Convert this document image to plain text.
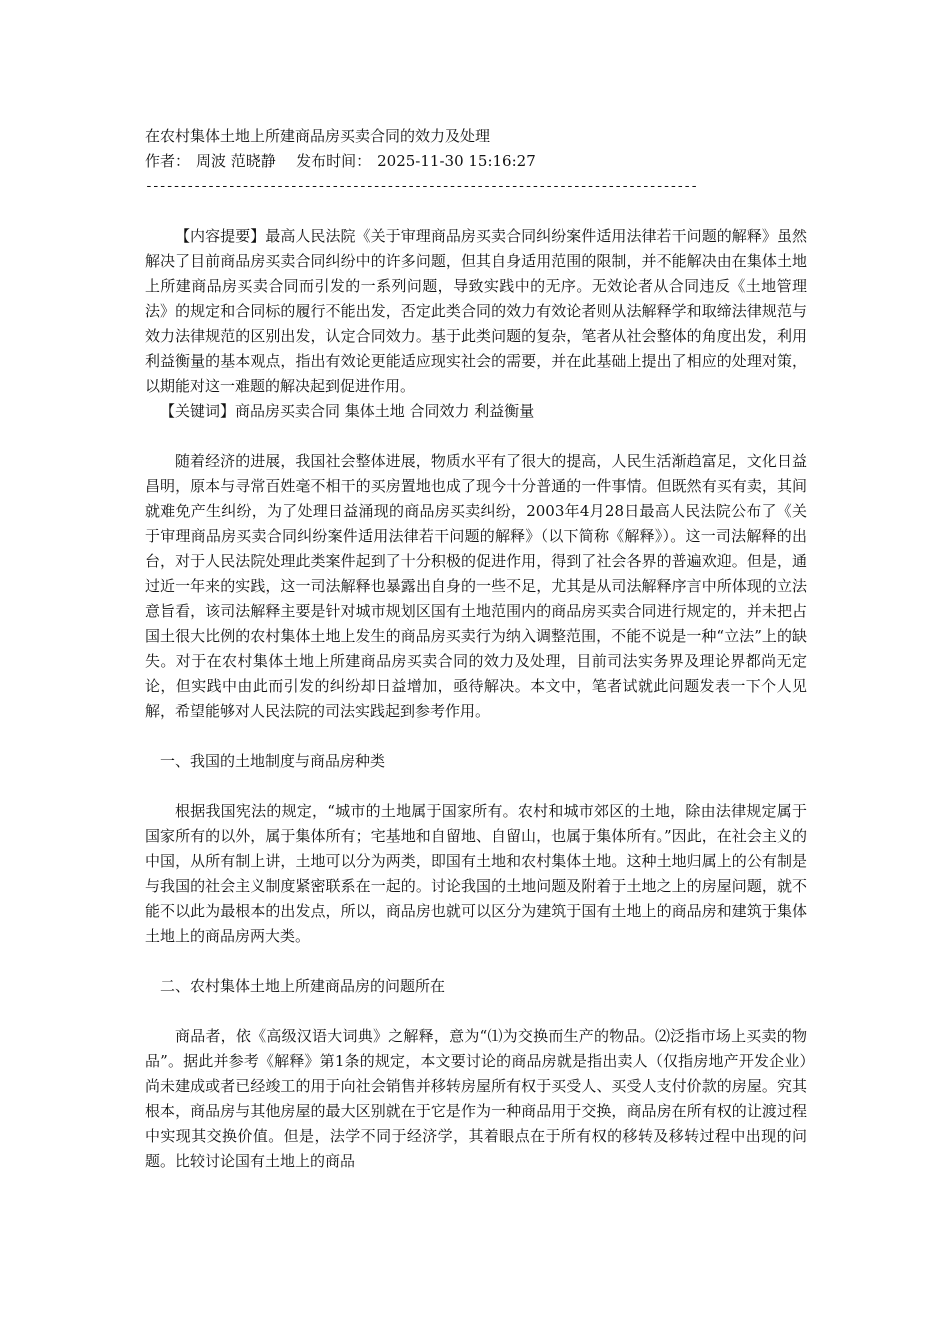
在农村集体土地上所建商品房买卖合同的效力及处理
作者： 周波 范晓静 发布时间： 2025-11-30 15:16:27
--------------------------------------------------------------------------------

【内容提要】最高人民法院《关于审理商品房买卖合同纠纷案件适用法律若干问题的解释》虽然解决了目前商品房买卖合同纠纷中的许多问题，但其自身适用范围的限制，并不能解决由在集体土地上所建商品房买卖合同而引发的一系列问题，导致实践中的无序。无效论者从合同违反《土地管理法》的规定和合同标的履行不能出发，否定此类合同的效力有效论者则从法解释学和取缔法律规范与效力法律规范的区别出发，认定合同效力。基于此类问题的复杂，笔者从社会整体的角度出发，利用利益衡量的基本观点，指出有效论更能适应现实社会的需要，并在此基础上提出了相应的处理对策，以期能对这一难题的解决起到促进作用。

【关键词】商品房买卖合同 集体土地 合同效力 利益衡量

随着经济的进展，我国社会整体进展，物质水平有了很大的提高，人民生活渐趋富足，文化日益昌明，原本与寻常百姓毫不相干的买房置地也成了现今十分普通的一件事情。但既然有买有卖，其间就难免产生纠纷，为了处理日益涌现的商品房买卖纠纷，2003年4月28日最高人民法院公布了《关于审理商品房买卖合同纠纷案件适用法律若干问题的解释》（以下简称《解释》）。这一司法解释的出台，对于人民法院处理此类案件起到了十分积极的促进作用，得到了社会各界的普遍欢迎。但是，通过近一年来的实践，这一司法解释也暴露出自身的一些不足，尤其是从司法解释序言中所体现的立法意旨看，该司法解释主要是针对城市规划区国有土地范围内的商品房买卖合同进行规定的，并未把占国土很大比例的农村集体土地上发生的商品房买卖行为纳入调整范围，不能不说是一种“立法”上的缺失。对于在农村集体土地上所建商品房买卖合同的效力及处理，目前司法实务界及理论界都尚无定论，但实践中由此而引发的纠纷却日益增加，亟待解决。本文中，笔者试就此问题发表一下个人见解，希望能够对人民法院的司法实践起到参考作用。

一、我国的土地制度与商品房种类

根据我国宪法的规定，“城市的土地属于国家所有。农村和城市郊区的土地，除由法律规定属于国家所有的以外，属于集体所有；宅基地和自留地、自留山，也属于集体所有。”因此，在社会主义的中国，从所有制上讲，土地可以分为两类，即国有土地和农村集体土地。这种土地归属上的公有制是与我国的社会主义制度紧密联系在一起的。讨论我国的土地问题及附着于土地之上的房屋问题，就不能不以此为最根本的出发点，所以，商品房也就可以区分为建筑于国有土地上的商品房和建筑于集体土地上的商品房两大类。

二、农村集体土地上所建商品房的问题所在

商品者，依《高级汉语大词典》之解释，意为“⑴为交换而生产的物品。⑵泛指市场上买卖的物品”。据此并参考《解释》第1条的规定，本文要讨论的商品房就是指出卖人（仅指房地产开发企业）尚未建成或者已经竣工的用于向社会销售并移转房屋所有权于买受人、买受人支付价款的房屋。究其根本，商品房与其他房屋的最大区别就在于它是作为一种商品用于交换，商品房在所有权的让渡过程中实现其交换价值。但是，法学不同于经济学，其着眼点在于所有权的移转及移转过程中出现的问题。比较讨论国有土地上的商品
